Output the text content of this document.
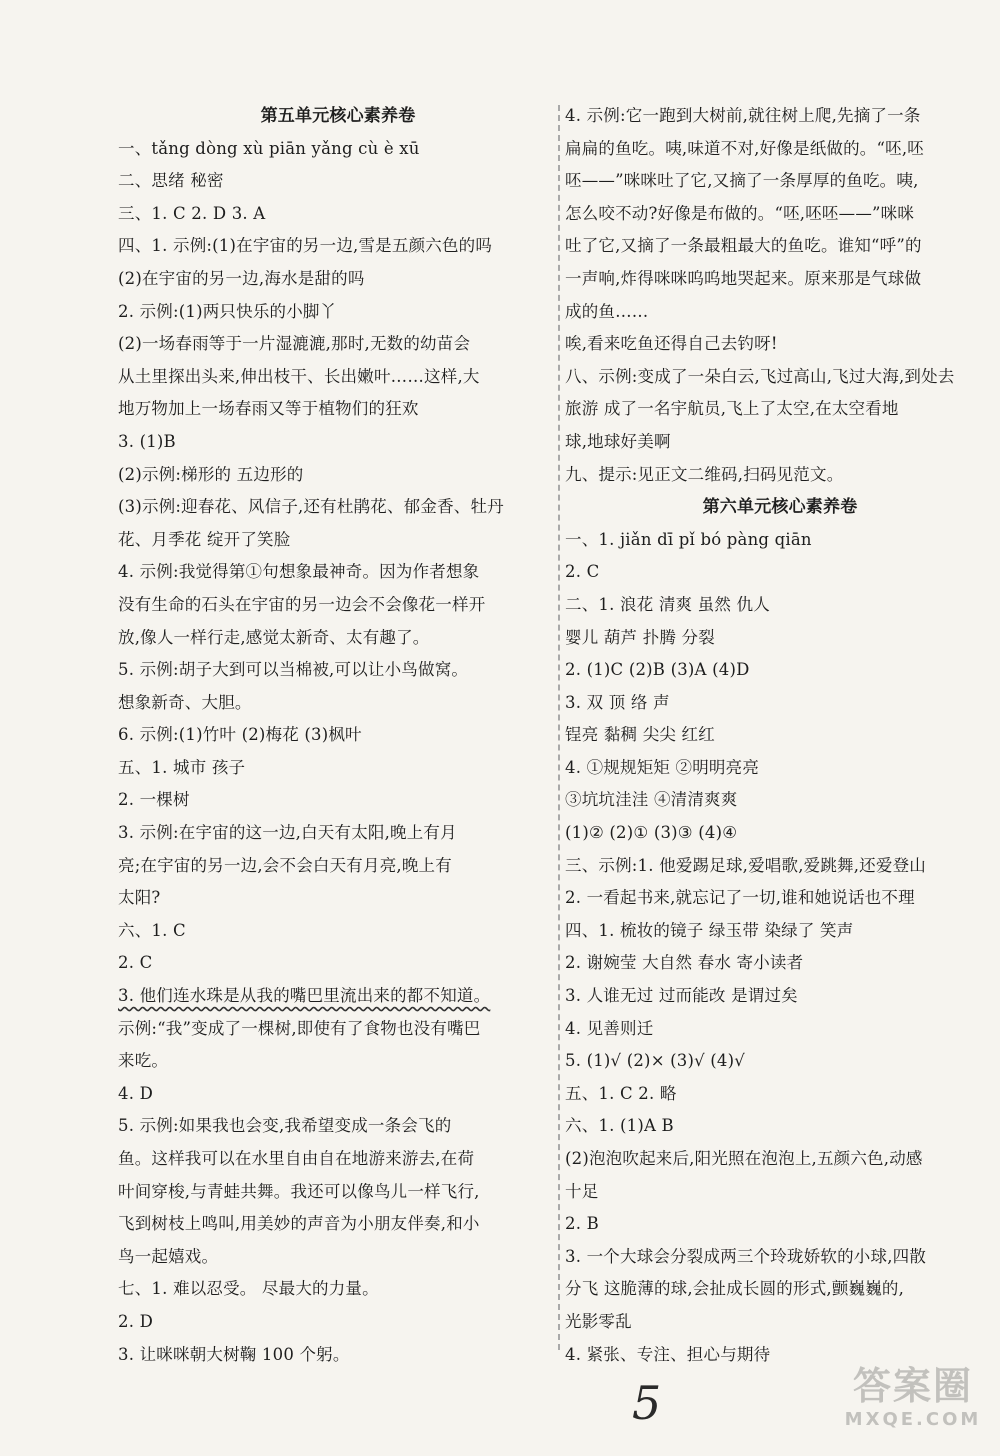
第五单元核心素养卷
一、tǎng dòng xù piān yǎng cù è xū
二、思绪 秘密
三、1. C 2. D 3. A
四、1. 示例:(1)在宇宙的另一边,雪是五颜六色的吗
(2)在宇宙的另一边,海水是甜的吗
2. 示例:(1)两只快乐的小脚丫
(2)一场春雨等于一片湿漉漉,那时,无数的幼苗会
从土里探出头来,伸出枝干、长出嫩叶……这样,大
地万物加上一场春雨又等于植物们的狂欢
3. (1)B
(2)示例:梯形的 五边形的
(3)示例:迎春花、风信子,还有杜鹃花、郁金香、牡丹
花、月季花 绽开了笑脸
4. 示例:我觉得第①句想象最神奇。因为作者想象
没有生命的石头在宇宙的另一边会不会像花一样开
放,像人一样行走,感觉太新奇、太有趣了。
5. 示例:胡子大到可以当棉被,可以让小鸟做窝。
想象新奇、大胆。
6. 示例:(1)竹叶 (2)梅花 (3)枫叶
五、1. 城市 孩子
2. 一棵树
3. 示例:在宇宙的这一边,白天有太阳,晚上有月
亮;在宇宙的另一边,会不会白天有月亮,晚上有
太阳?
六、1. C
2. C
3. 他们连水珠是从我的嘴巴里流出来的都不知道。
示例:“我”变成了一棵树,即使有了食物也没有嘴巴
来吃。
4. D
5. 示例:如果我也会变,我希望变成一条会飞的
鱼。这样我可以在水里自由自在地游来游去,在荷
叶间穿梭,与青蛙共舞。我还可以像鸟儿一样飞行,
飞到树枝上鸣叫,用美妙的声音为小朋友伴奏,和小
鸟一起嬉戏。
七、1. 难以忍受。 尽最大的力量。
2. D
3. 让咪咪朝大树鞠 100 个躬。
4. 示例:它一跑到大树前,就往树上爬,先摘了一条
扁扁的鱼吃。咦,味道不对,好像是纸做的。“呸,呸
呸——”咪咪吐了它,又摘了一条厚厚的鱼吃。咦,
怎么咬不动?好像是布做的。“呸,呸呸——”咪咪
吐了它,又摘了一条最粗最大的鱼吃。谁知“呼”的
一声响,炸得咪咪呜呜地哭起来。原来那是气球做
成的鱼……
唉,看来吃鱼还得自己去钓呀!
八、示例:变成了一朵白云,飞过高山,飞过大海,到处去
旅游 成了一名宇航员,飞上了太空,在太空看地
球,地球好美啊
九、提示:见正文二维码,扫码见范文。
第六单元核心素养卷
一、1. jiǎn dī pǐ bó pàng qiān
2. C
二、1. 浪花 清爽 虽然 仇人
婴儿 葫芦 扑腾 分裂
2. (1)C (2)B (3)A (4)D
3. 双 顶 络 声
锃亮 黏稠 尖尖 红红
4. ①规规矩矩 ②明明亮亮
③坑坑洼洼 ④清清爽爽
(1)② (2)① (3)③ (4)④
三、示例:1. 他爱踢足球,爱唱歌,爱跳舞,还爱登山
2. 一看起书来,就忘记了一切,谁和她说话也不理
四、1. 梳妆的镜子 绿玉带 染绿了 笑声
2. 谢婉莹 大自然 春水 寄小读者
3. 人谁无过 过而能改 是谓过矣
4. 见善则迁
5. (1)√ (2)× (3)√ (4)√
五、1. C 2. 略
六、1. (1)A B
(2)泡泡吹起来后,阳光照在泡泡上,五颜六色,动感
十足
2. B
3. 一个大球会分裂成两三个玲珑娇软的小球,四散
分飞 这脆薄的球,会扯成长圆的形式,颤巍巍的,
光影零乱
4. 紧张、专注、担心与期待
5	答案圈
MXQE.COM
